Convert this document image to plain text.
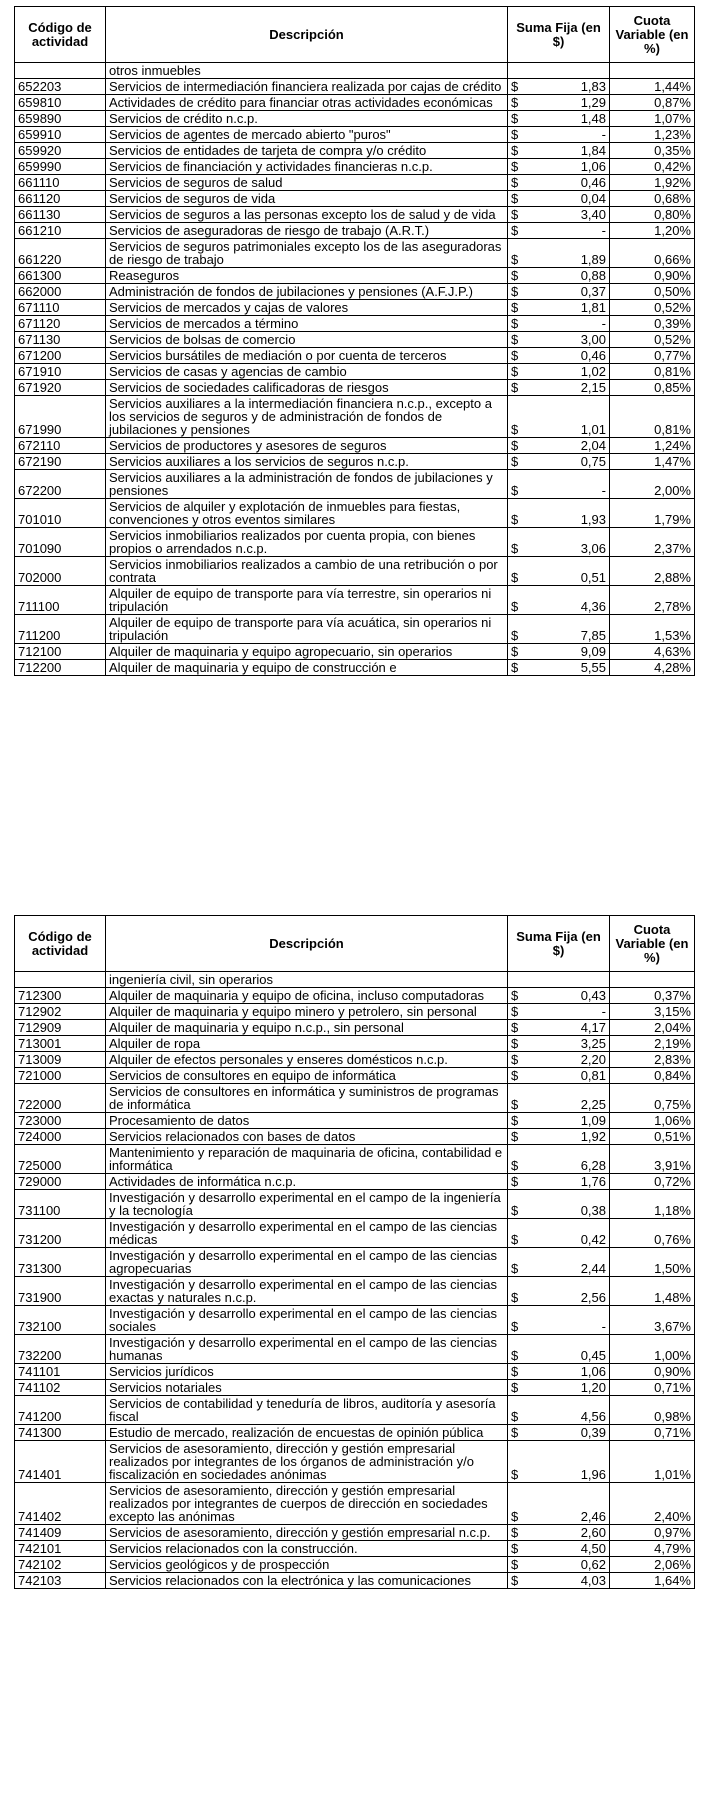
Código de actividad	Descripción	Suma Fija (en $)	Cuota Variable (en %)
	otros inmuebles	

652203	Servicios de intermediación financiera realizada por cajas de crédito	$ 1,83	1,44%
659810	Actividades de crédito para financiar otras actividades económicas	$ 1,29	0,87%
659890	Servicios de crédito n.c.p.	$ 1,48	1,07%
659910	Servicios de agentes de mercado abierto "puros"	$ -	1,23%
659920	Servicios de entidades de tarjeta de compra y/o crédito	$ 1,84	0,35%
659990	Servicios de financiación y actividades financieras n.c.p.	$ 1,06	0,42%
661110	Servicios de seguros de salud	$ 0,46	1,92%
661120	Servicios de seguros de vida	$ 0,04	0,68%
661130	Servicios de seguros a las personas excepto los de salud y de vida	$ 3,40	0,80%
661210	Servicios de aseguradoras de riesgo de trabajo (A.R.T.)	$ -	1,20%
661220	Servicios de seguros patrimoniales excepto los de las aseguradoras de riesgo de trabajo	$ 1,89	0,66%
661300	Reaseguros	$ 0,88	0,90%
662000	Administración de fondos de jubilaciones y pensiones (A.F.J.P.)	$ 0,37	0,50%
671110	Servicios de mercados y cajas de valores	$ 1,81	0,52%
671120	Servicios de mercados a término	$ -	0,39%
671130	Servicios de bolsas de comercio	$ 3,00	0,52%
671200	Servicios bursátiles de mediación o por cuenta de terceros	$ 0,46	0,77%
671910	Servicios de casas y agencias de cambio	$ 1,02	0,81%
671920	Servicios de sociedades calificadoras de riesgos	$ 2,15	0,85%
671990	Servicios auxiliares a la intermediación financiera n.c.p., excepto a los servicios de seguros y de administración de fondos de jubilaciones y pensiones	$ 1,01	0,81%
672110	Servicios de productores y asesores de seguros	$ 2,04	1,24%
672190	Servicios auxiliares a los servicios de seguros n.c.p.	$ 0,75	1,47%
672200	Servicios auxiliares a la administración de fondos de jubilaciones y pensiones	$ -	2,00%
701010	Servicios de alquiler y explotación de inmuebles para fiestas, convenciones y otros eventos similares	$ 1,93	1,79%
701090	Servicios inmobiliarios realizados por cuenta propia, con bienes propios o arrendados n.c.p.	$ 3,06	2,37%
702000	Servicios inmobiliarios realizados a cambio de una retribución o por contrata	$ 0,51	2,88%
711100	Alquiler de equipo de transporte para vía terrestre, sin operarios ni tripulación	$ 4,36	2,78%
711200	Alquiler de equipo de transporte para vía acuática, sin operarios ni tripulación	$ 7,85	1,53%
712100	Alquiler de maquinaria y equipo agropecuario, sin operarios	$ 9,09	4,63%
712200	Alquiler de maquinaria y equipo de construcción e	$ 5,55	4,28%
Código de actividad	Descripción	Suma Fija (en $)	Cuota Variable (en %)
	ingeniería civil, sin operarios	

712300	Alquiler de maquinaria y equipo de oficina, incluso computadoras	$ 0,43	0,37%
712902	Alquiler de maquinaria y equipo minero y petrolero, sin personal	$ -	3,15%
712909	Alquiler de maquinaria y equipo n.c.p., sin personal	$ 4,17	2,04%
713001	Alquiler de ropa	$ 3,25	2,19%
713009	Alquiler de efectos personales y enseres domésticos n.c.p.	$ 2,20	2,83%
721000	Servicios de consultores en equipo de informática	$ 0,81	0,84%
722000	Servicios de consultores en informática y suministros de programas de informática	$ 2,25	0,75%
723000	Procesamiento de datos	$ 1,09	1,06%
724000	Servicios relacionados con bases de datos	$ 1,92	0,51%
725000	Mantenimiento y reparación de maquinaria de oficina, contabilidad e informática	$ 6,28	3,91%
729000	Actividades de informática n.c.p.	$ 1,76	0,72%
731100	Investigación y desarrollo experimental en el campo de la ingeniería y la tecnología	$ 0,38	1,18%
731200	Investigación y desarrollo experimental en el campo de las ciencias médicas	$ 0,42	0,76%
731300	Investigación y desarrollo experimental en el campo de las ciencias agropecuarias	$ 2,44	1,50%
731900	Investigación y desarrollo experimental en el campo de las ciencias exactas y naturales n.c.p.	$ 2,56	1,48%
732100	Investigación y desarrollo experimental en el campo de las ciencias sociales	$ -	3,67%
732200	Investigación y desarrollo experimental en el campo de las ciencias humanas	$ 0,45	1,00%
741101	Servicios jurídicos	$ 1,06	0,90%
741102	Servicios notariales	$ 1,20	0,71%
741200	Servicios de contabilidad y teneduría de libros, auditoría y asesoría fiscal	$ 4,56	0,98%
741300	Estudio de mercado, realización de encuestas de opinión pública	$ 0,39	0,71%
741401	Servicios de asesoramiento, dirección y gestión empresarial realizados por integrantes de los órganos de administración y/o fiscalización en sociedades anónimas	$ 1,96	1,01%
741402	Servicios de asesoramiento, dirección y gestión empresarial realizados por integrantes de cuerpos de dirección en sociedades excepto las anónimas	$ 2,46	2,40%
741409	Servicios de asesoramiento, dirección y gestión empresarial n.c.p.	$ 2,60	0,97%
742101	Servicios relacionados con la construcción.	$ 4,50	4,79%
742102	Servicios geológicos y de prospección	$ 0,62	2,06%
742103	Servicios relacionados con la electrónica y las comunicaciones	$ 4,03	1,64%
